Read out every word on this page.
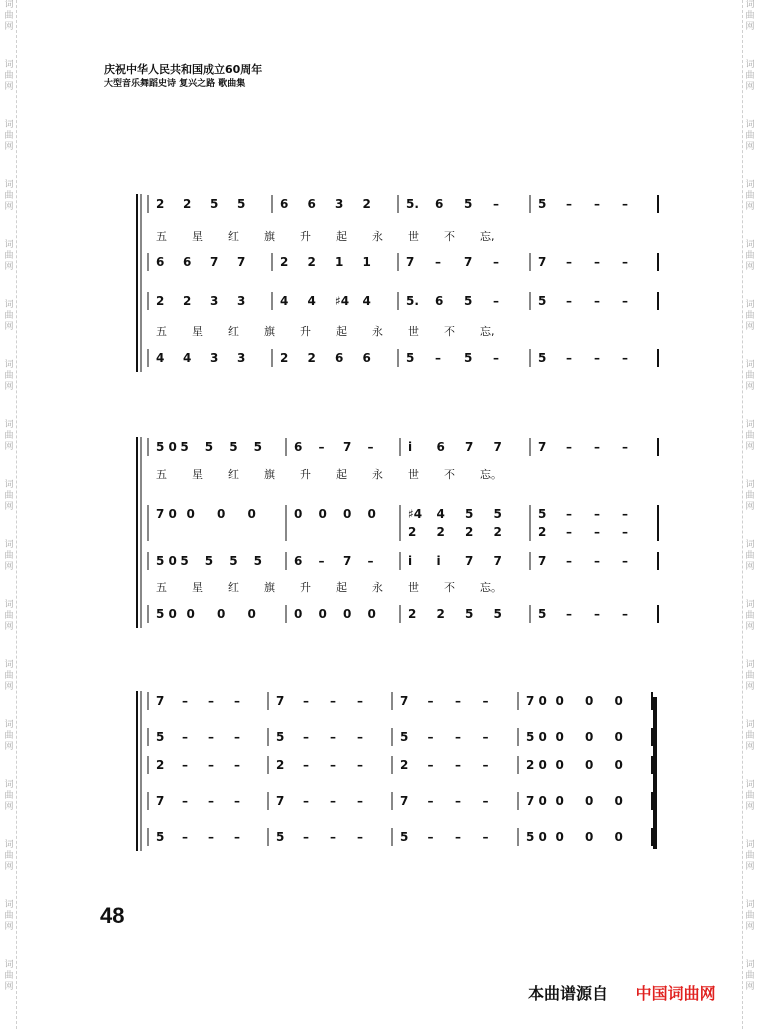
词
曲
网
词
曲
网
词
曲
网
词
曲
网
词
曲
网
词
曲
网
词
曲
网
词
曲
网
词
曲
网
词
曲
网
词
曲
网
词
曲
网
词
曲
网
词
曲
网
词
曲
网
词
曲
网
词
曲
网
词
曲
网
词
曲
网
词
曲
网
词
曲
网
词
曲
网
词
曲
网
词
曲
网
词
曲
网
词
曲
网
词
曲
网
词
曲
网
词
曲
网
词
曲
网
词
曲
网
词
曲
网
词
曲
网
词
曲
网
庆祝中华人民共和国成立60周年
大型音乐舞蹈史诗 复兴之路 歌曲集
2 2 5 5	6 6 3 2	5. 6 5 –	5 – – –
五 星 红 旗 升 起 永 世 不 忘,
6 6 7 7	2 2 1 1	7 – 7 –	7 – – –
2 2 3 3	4 4 ♯4 4	5. 6 5 –	5 – – –
五 星 红 旗 升 起 永 世 不 忘,
4 4 3 3	2 2 6 6	5 – 5 –	5 – – –
5 0 5 5 5 5	6 – 7 –	i 6 7 7	7 – – –
五 星 红 旗 升 起 永 世 不 忘。
7 0 0 0 0	0 0 0 0	♯4 4 5 5	5 – – –
2 2 2 2	2 – – –
5 0 5 5 5 5	6 – 7 –	i i 7 7	7 – – –
五 星 红 旗 升 起 永 世 不 忘。
5 0 0 0 0	0 0 0 0	2 2 5 5	5 – – –
7 – – –	7 – – –	7 – – –	7 0 0 0 0
5 – – –	5 – – –	5 – – –	5 0 0 0 0
2 – – –	2 – – –	2 – – –	2 0 0 0 0
7 – – –	7 – – –	7 – – –	7 0 0 0 0
5 – – –	5 – – –	5 – – –	5 0 0 0 0
48
本曲谱源自 中国词曲网
